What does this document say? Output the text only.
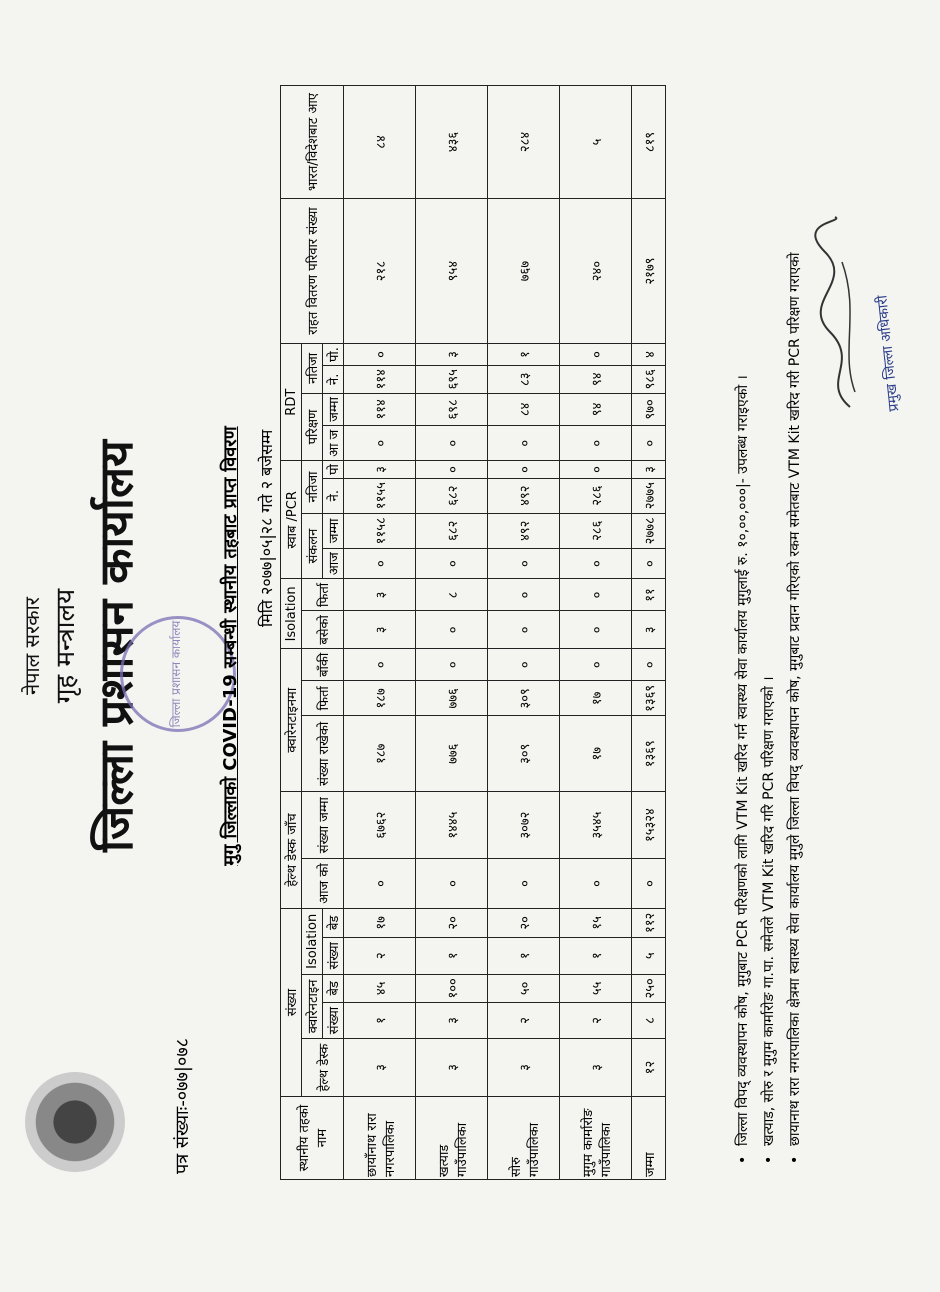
नेपाल सरकार गृह मन्त्रालय जिल्ला प्रशासन कार्यालय जिल्ला प्रशासन कार्यालय
पत्र संख्याः-०७७|०७८
मुगु जिल्लाको COVID-19 सम्बन्धी स्थानीय तहबाट प्राप्त विवरण मिति २०७७|०५|२८ गते २ बजेसम्म
स्थानीय तहको नाम	संख्या					हेल्थ डेस्क जाँच		क्वारेनटाइनमा			Isolation		स्वाब /PCR				RDT				राहत वितरण परिवार संख्या	भारत/विदेशबाट आए
	हेल्थ डेस्क	क्वारेनटाइन		Isolation		आज को	संख्या जम्मा	संख्या राखेको	फिर्ता	बाँकी	बसेको	फिर्ता	संकलन		नतिजा		परिक्षण		नतिजा			
		संख्या	बेड	संख्या	बेड								आज	जम्मा	ने.	पो	आ ज	जम्मा	ने.	पो.		
छायाँनाथ रारा नगरपालिका	३	१	४५	२	१७	०	६७६२	१८७	१८७	०	३	३	०	११५८	११५५	३	०	११४	११४	०	२१८	८४
खत्याड गाउँपालिका	३	३	१००	१	२०	०	१४४५	७७६	७७६	०	०	८	०	६८२	६८२	०	०	६९८	६९५	३	९५४	४३६
सोरु गाउँपालिका	३	२	५०	१	२०	०	३०७२	३०९	३०९	०	०	०	०	४९२	४९२	०	०	८४	८३	१	७६७	२८४
मुगुम कार्मारोङ गाउँपालिका	३	२	५५	१	१५	०	३५४५	१७	१७	०	०	०	०	२८६	२८६	०	०	९४	९४	०	२४०	५
जम्मा	१२	८	२५०	५	११२	०	१५३२४	१३६९	१३६९	०	३	११	०	२७७८	२७७५	३	०	९७०	९८६	४	२१७९	८१९
• जिल्ला विपद् व्यवस्थापन कोष, मुगुबाट PCR परिक्षणको लागि VTM Kit खरिद गर्न स्वास्थ्य सेवा कार्यालय मुगुलाई रु. १०,००,०००|- उपलब्ध गराइएको । • खत्याड, सोरु र मुगुम कार्मारोङ गा.पा. समेतले VTM Kit खरिद गरि PCR परिक्षण गराएको । • छायानाथ रारा नगरपालिका क्षेत्रमा स्वास्थ्य सेवा कार्यालय मुगुले जिल्ला विपद् व्यवस्थापन कोष, मुगुबाट प्रदान गरिएको रकम समेतबाट VTM Kit खरिद गरी PCR परिक्षण गराएको	प्रमुख जिल्ला अधिकारी
